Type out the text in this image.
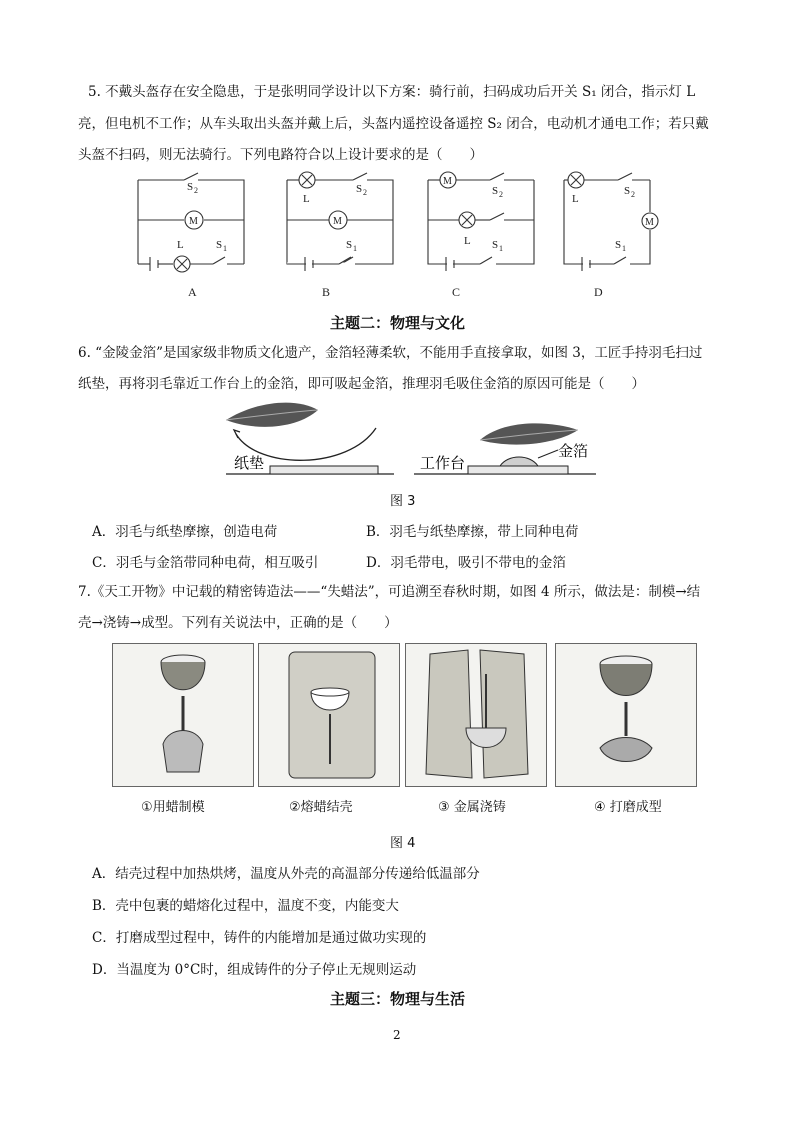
5. 不戴头盔存在安全隐患，于是张明同学设计以下方案：骑行前，扫码成功后开关 S₁ 闭合，指示灯 L
亮，但电机不工作；从车头取出头盔并戴上后，头盔内遥控设备遥控 S₂ 闭合，电动机才通电工作；若只戴
头盔不扫码，则无法骑行。下列电路符合以上设计要求的是（　　）
S 2
M
L	S 1
A
L
S 2
M
S 1
B
M
S 2
L S 1
C
L
S 2
M
S 1
D
主题二：物理与文化
6. “金陵金箔”是国家级非物质文化遗产，金箔轻薄柔软，不能用手直接拿取，如图 3，工匠手持羽毛扫过
纸垫，再将羽毛靠近工作台上的金箔，即可吸起金箔，推理羽毛吸住金箔的原因可能是（　　）
纸垫	工作台
金箔
图 3
A．羽毛与纸垫摩擦，创造电荷	B．羽毛与纸垫摩擦，带上同种电荷
C．羽毛与金箔带同种电荷，相互吸引	D．羽毛带电，吸引不带电的金箔
7.《天工开物》中记载的精密铸造法——“失蜡法”，可追溯至春秋时期，如图 4 所示，做法是：制模→结
壳→浇铸→成型。下列有关说法中，正确的是（　　）
①用蜡制模	②熔蜡结壳	③ 金属浇铸	④ 打磨成型
图 4
A．结壳过程中加热烘烤，温度从外壳的高温部分传递给低温部分
B．壳中包裹的蜡熔化过程中，温度不变，内能变大
C．打磨成型过程中，铸件的内能增加是通过做功实现的
D．当温度为 0°C时，组成铸件的分子停止无规则运动
主题三：物理与生活
2
